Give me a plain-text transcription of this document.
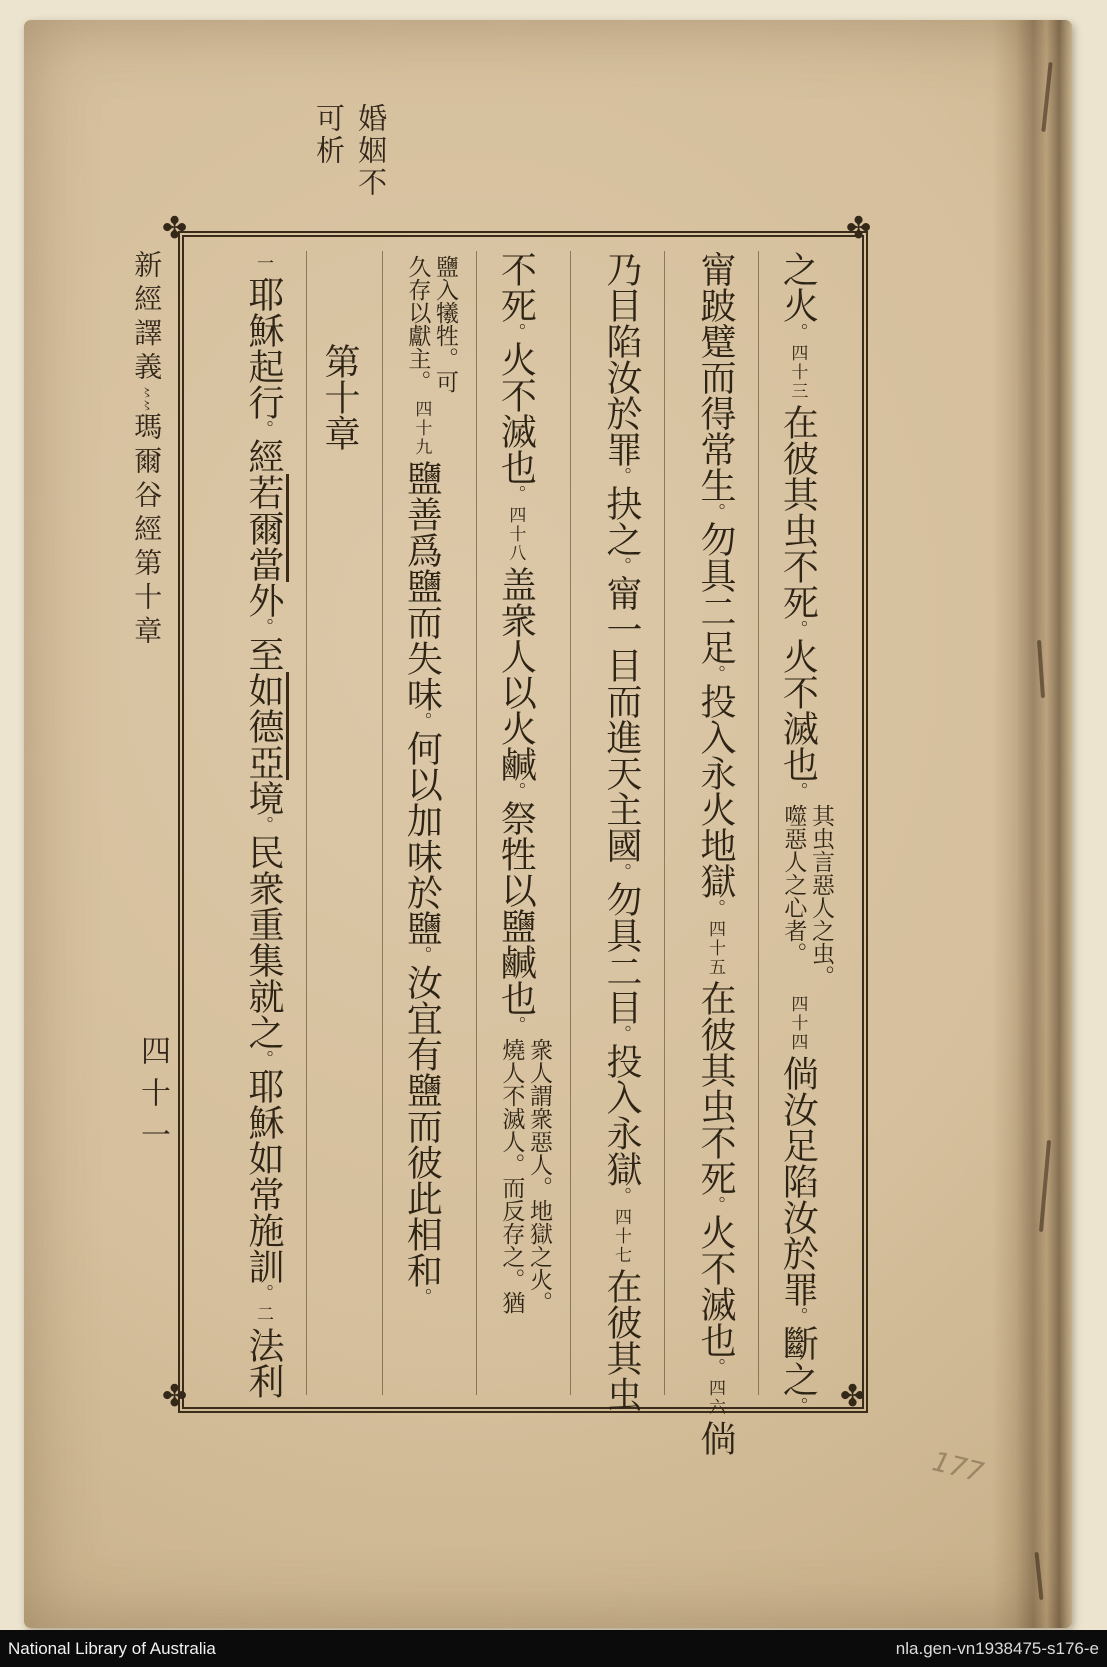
婚姻不可析
新經譯義〻〻瑪爾谷經第十章
四十一
之火。四十三在彼其虫不死。火不滅也。
其虫言惡人之虫。
噬惡人之心者。
四十四倘汝足陷汝於罪。斷之。
甯跛躄而得常生。勿具二足。投入永火地獄。四十五在彼其虫不死。火不滅也。四六倘
乃目陷汝於罪。抉之。甯一目而進天主國。勿具二目。投入永獄。四十七在彼其虫
不死。火不滅也。四十八盖衆人以火鹹。祭牲以鹽鹹也。
衆人謂衆惡人。地獄之火。
燒人不滅人。而反存之。猶
鹽入犧牲。可
久存以獻主。
四十九鹽善爲鹽而失味。何以加味於鹽。汝宜有鹽而彼此相和。
第十章
一耶穌起行。經若爾當外。至如德亞境。民衆重集就之。耶穌如常施訓。二法利
✤	✤
✤	✤
177
National Library of Australia	nla.gen-vn1938475-s176-e
